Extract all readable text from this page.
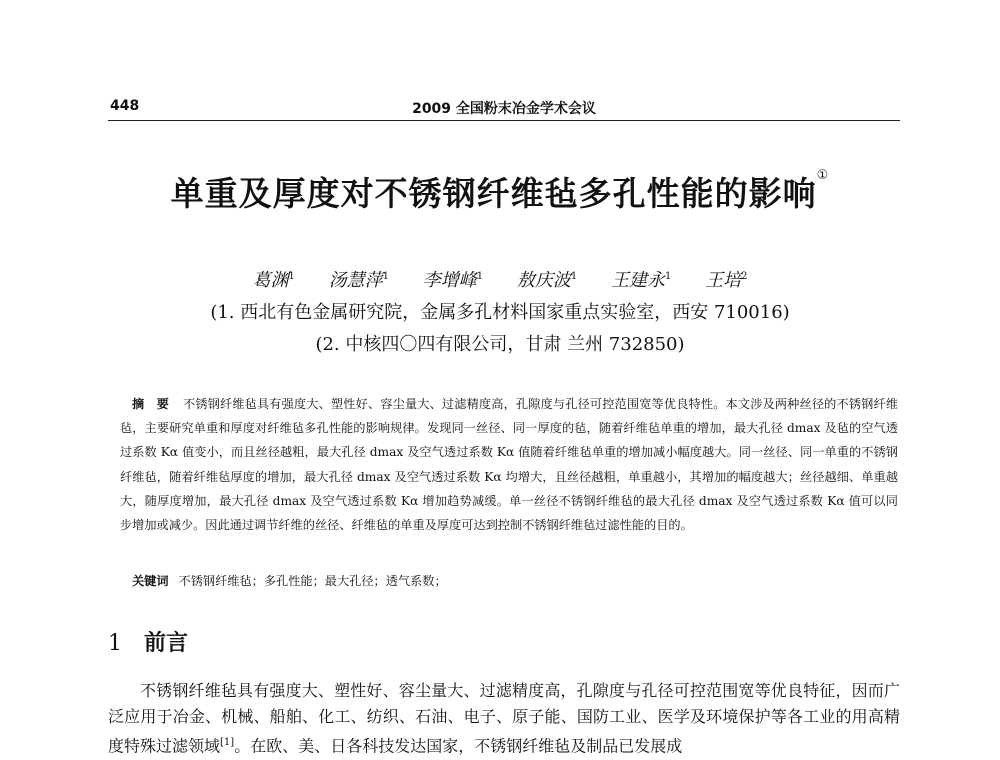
448	2009 全国粉末冶金学术会议
单重及厚度对不锈钢纤维毡多孔性能的影响①
葛渊$^1$ 汤慧萍$^1$ 李增峰$^1$ 敖庆波$^1$ 王建永$^1$ 王培$^2$
(1. 西北有色金属研究院，金属多孔材料国家重点实验室，西安 710016)
(2. 中核四〇四有限公司，甘肃 兰州 732850)
摘　要 不锈钢纤维毡具有强度大、塑性好、容尘量大、过滤精度高，孔隙度与孔径可控范围宽等优良特性。本文涉及两种丝径的不锈钢纤维毡，主要研究单重和厚度对纤维毡多孔性能的影响规律。发现同一丝径、同一厚度的毡，随着纤维毡单重的增加，最大孔径 dmax 及毡的空气透过系数 Kα 值变小，而且丝径越粗，最大孔径 dmax 及空气透过系数 Kα 值随着纤维毡单重的增加减小幅度越大。同一丝径、同一单重的不锈钢纤维毡，随着纤维毡厚度的增加，最大孔径 dmax 及空气透过系数 Kα 均增大，且丝径越粗，单重越小，其增加的幅度越大；丝径越细、单重越大，随厚度增加，最大孔径 dmax 及空气透过系数 Kα 增加趋势减缓。单一丝径不锈钢纤维毡的最大孔径 dmax 及空气透过系数 Kα 值可以同步增加或减少。因此通过调节纤维的丝径、纤维毡的单重及厚度可达到控制不锈钢纤维毡过滤性能的目的。
关键词 不锈钢纤维毡；多孔性能；最大孔径；透气系数；
1 前言
不锈钢纤维毡具有强度大、塑性好、容尘量大、过滤精度高，孔隙度与孔径可控范围宽等优良特征，因而广泛应用于冶金、机械、船舶、化工、纺织、石油、电子、原子能、国防工业、医学及环境保护等各工业的用高精度特殊过滤领域[1]。在欧、美、日各科技发达国家，不锈钢纤维毡及制品已发展成
